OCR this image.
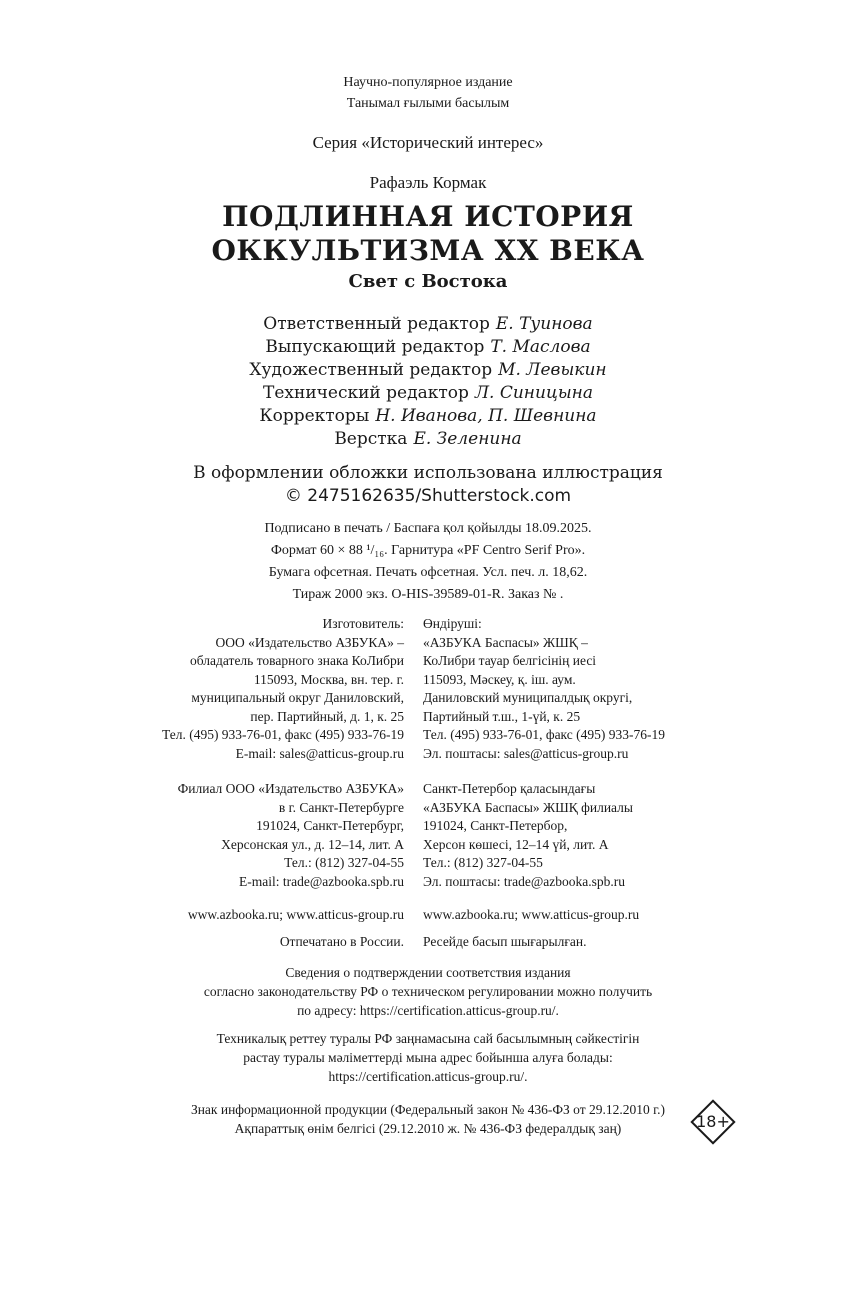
Научно-популярное издание
Танымал ғылыми басылым
Серия «Исторический интерес»
Рафаэль Кормак
ПОДЛИННАЯ ИСТОРИЯ
ОККУЛЬТИЗМА XX ВЕКА
Свет с Востока
Ответственный редактор Е. Туинова
Выпускающий редактор Т. Маслова
Художественный редактор М. Левыкин
Технический редактор Л. Синицына
Корректоры Н. Иванова, П. Шевнина
Верстка Е. Зеленина
В оформлении обложки использована иллюстрация
© 2475162635/Shutterstock.com
Подписано в печать / Баспаға қол қойылды 18.09.2025.
Формат 60 × 88 ¹/₁₆. Гарнитура «PF Centro Serif Pro».
Бумага офсетная. Печать офсетная. Усл. печ. л. 18,62.
Тираж 2000 экз. O-HIS-39589-01-R. Заказ № .
Изготовитель:
ООО «Издательство АЗБУКА» –
обладатель товарного знака КоЛибри
115093, Москва, вн. тер. г.
муниципальный округ Даниловский,
пер. Партийный, д. 1, к. 25
Тел. (495) 933-76-01, факс (495) 933-76-19
E-mail: sales@atticus-group.ru
Өндіруші:
«АЗБУКА Баспасы» ЖШҚ –
КоЛибри тауар белгісінің иесі
115093, Мәскеу, қ. іш. аум.
Даниловский муниципалдық округі,
Партийный т.ш., 1-үй, к. 25
Тел. (495) 933-76-01, факс (495) 933-76-19
Эл. поштасы: sales@atticus-group.ru
Филиал ООО «Издательство АЗБУКА»
в г. Санкт-Петербурге
191024, Санкт-Петербург,
Херсонская ул., д. 12–14, лит. А
Тел.: (812) 327-04-55
E-mail: trade@azbooka.spb.ru
Санкт-Петербор қаласындағы
«АЗБУКА Баспасы» ЖШҚ филиалы
191024, Санкт-Петербор,
Херсон көшесі, 12–14 үй, лит. А
Тел.: (812) 327-04-55
Эл. поштасы: trade@azbooka.spb.ru
www.azbooka.ru; www.atticus-group.ru www.azbooka.ru; www.atticus-group.ru
Отпечатано в России. Ресейде басып шығарылған.
Сведения о подтверждении соответствия издания
согласно законодательству РФ о техническом регулировании можно получить
по адресу: https://certification.atticus-group.ru/.
Техникалық реттеу туралы РФ заңнамасына сай басылымның сәйкестігін
растау туралы мәліметтерді мына адрес бойынша алуға болады:
https://certification.atticus-group.ru/.
Знак информационной продукции (Федеральный закон № 436-ФЗ от 29.12.2010 г.)
Ақпараттық өнім белгісі (29.12.2010 ж. № 436-ФЗ федералдық заң)	18+
